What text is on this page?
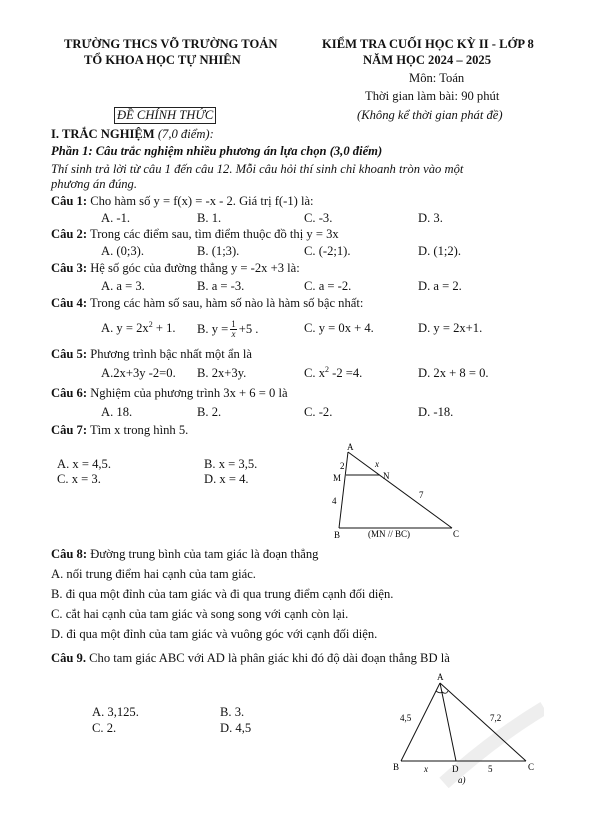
TRƯỜNG THCS VÕ TRƯỜNG TOẢN
TỔ KHOA HỌC TỰ NHIÊN
KIỂM TRA CUỐI HỌC KỲ II - LỚP 8
NĂM HỌC 2024 – 2025
Môn: Toán
Thời gian làm bài: 90 phút
ĐỀ CHÍNH THỨC	(Không kể thời gian phát đề)
I. TRẮC NGHIỆM (7,0 điểm):
Phần 1: Câu trắc nghiệm nhiều phương án lựa chọn (3,0 điểm)
Thí sinh trả lời từ câu 1 đến câu 12. Mỗi câu hỏi thí sinh chỉ khoanh tròn vào một
phương án đúng.
Câu 1: Cho hàm số y = f(x) = -x - 2. Giá trị f(-1) là:
A. -1.	B. 1.	C. -3.	D. 3.
Câu 2: Trong các điểm sau, tìm điểm thuộc đồ thị y = 3x
A. (0;3).	B. (1;3).	C. (-2;1).	D. (1;2).
Câu 3: Hệ số góc của đường thẳng y = -2x +3 là:
A. a = 3.	B. a = -3.	C. a = -2.	D. a = 2.
Câu 4: Trong các hàm số sau, hàm số nào là hàm số bậc nhất:
A. $y = 2x^2 + 1$. B. $y = \frac{1}{x} +5$ .	C. y = 0x + 4.	D. y = 2x+1.
Câu 5: Phương trình bậc nhất một ẩn là
A.2x+3y -2=0. B. 2x+3y.	C. $x^2$ -2 =4.	D. 2x + 8 = 0.
Câu 6: Nghiệm của phương trình 3x + 6 = 0 là
A. 18.	B. 2.	C. -2.	D. -18.
Câu 7: Tìm x trong hình 5.
A. x = 4,5.	B. x = 3,5.
C. x = 3.	D. x = 4.
A
B	C
M	N
2	x
4
7
(MN // BC)
Câu 8: Đường trung bình của tam giác là đoạn thẳng
A. nối trung điểm hai cạnh của tam giác.
B. đi qua một đỉnh của tam giác và đi qua trung điểm cạnh đối diện.
C. cắt hai cạnh của tam giác và song song với cạnh còn lại.
D. đi qua một đỉnh của tam giác và vuông góc với cạnh đối diện.
Câu 9. Cho tam giác ABC với AD là phân giác khi đó độ dài đoạn thẳng BD là
A. 3,125.	B. 3.
C. 2.	D. 4,5
A
B	C
D
4,5	7,2
x	5
a)
